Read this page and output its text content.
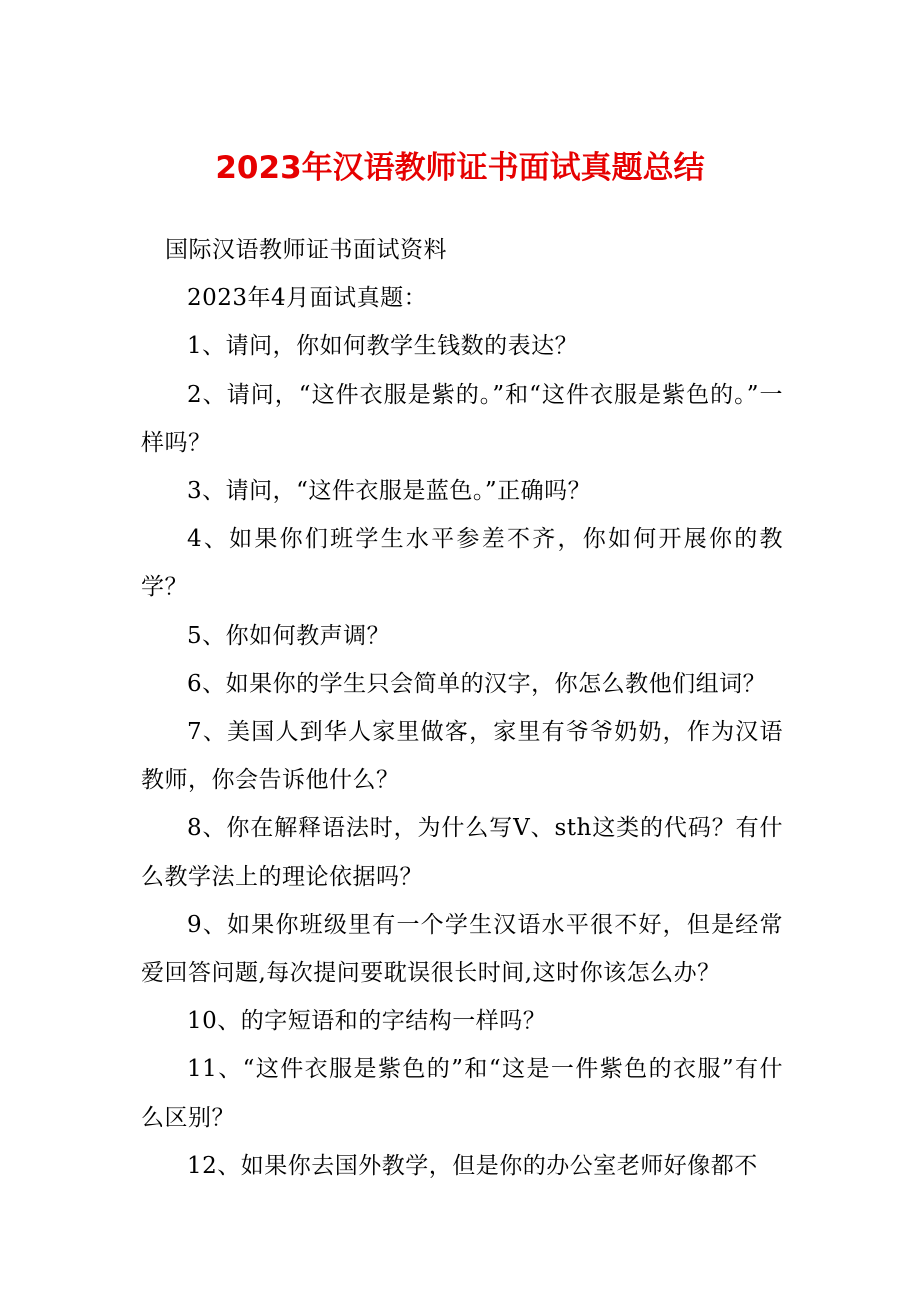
2023年汉语教师证书面试真题总结

国际汉语教师证书面试资料

2023年4月面试真题：

1、请问，你如何教学生钱数的表达？

2、请问，“这件衣服是紫的。”和“这件衣服是紫色的。”一样吗？

3、请问，“这件衣服是蓝色。”正确吗？

4、如果你们班学生水平参差不齐，你如何开展你的教学？

5、你如何教声调？

6、如果你的学生只会简单的汉字，你怎么教他们组词？

7、美国人到华人家里做客，家里有爷爷奶奶，作为汉语教师，你会告诉他什么？

8、你在解释语法时，为什么写V、sth这类的代码？有什么教学法上的理论依据吗？

9、如果你班级里有一个学生汉语水平很不好，但是经常爱回答问题,每次提问要耽误很长时间,这时你该怎么办？

10、的字短语和的字结构一样吗？

11、“这件衣服是紫色的”和“这是一件紫色的衣服”有什么区别？

12、如果你去国外教学，但是你的办公室老师好像都不
